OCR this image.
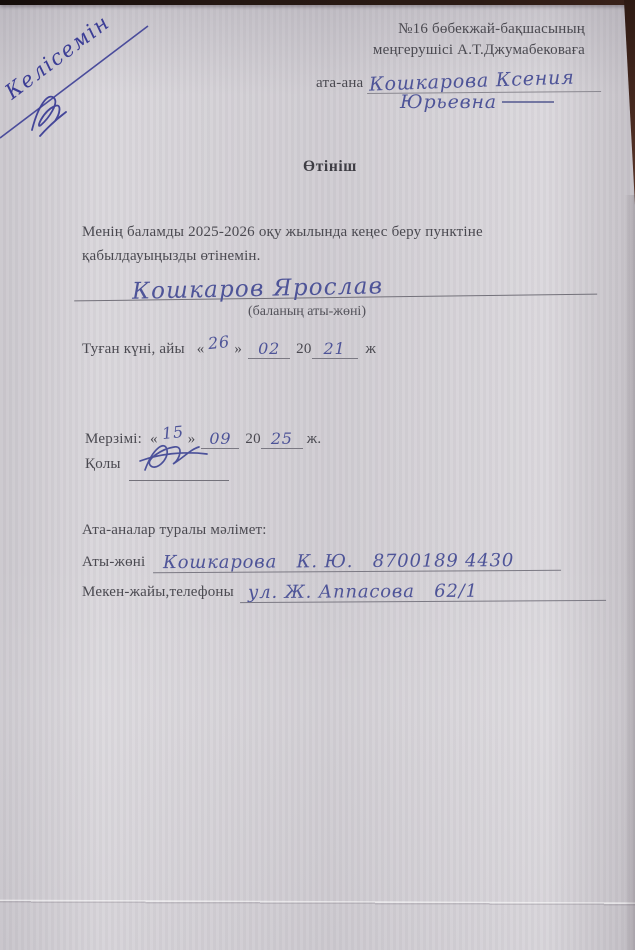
Келісемін	№16 бөбекжай-бақшасының
меңгерушісі А.Т.Джумабековаға
ата-ана Кошкарова Ксения
Юрьевна
Өтініш
Менің баламды 2025-2026 оқу жылында кеңес беру пунктіне
қабылдауыңызды өтінемін.
Кошкаров Ярослав
(баланың аты-жөні)
Туған күні, айы « 26 »	02	20 21	ж
Мерзімі: « 15 » 09 20 25 ж.
Қолы

Ата-аналар туралы мәлімет:
Аты-жөні Кошкарова   К. Ю.   8700189 4430
Мекен-жайы,телефоны ул. Ж. Аппасова   62/1
